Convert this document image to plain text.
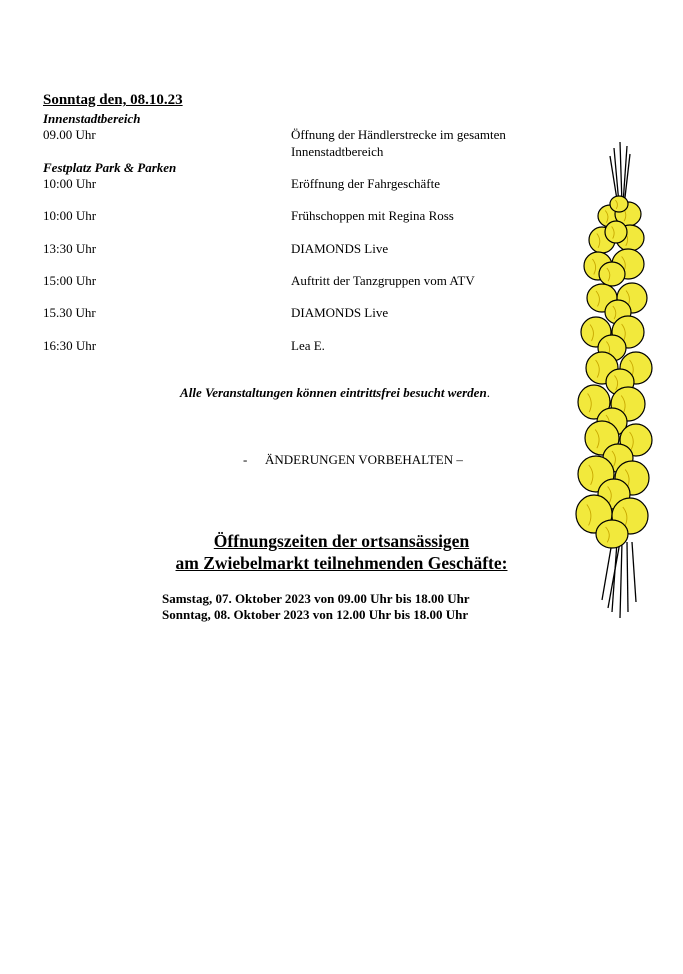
Sonntag den, 08.10.23
Innenstadtbereich
09.00 Uhr	Öffnung der Händlerstrecke im gesamten
Innenstadtbereich
Festplatz Park & Parken
10:00 Uhr	Eröffnung der Fahrgeschäfte
10:00 Uhr	Frühschoppen mit Regina Ross
13:30 Uhr	DIAMONDS Live
15:00 Uhr	Auftritt der Tanzgruppen vom ATV
15.30 Uhr	DIAMONDS Live
16:30 Uhr	Lea E.
Alle Veranstaltungen können eintrittsfrei besucht werden.
- ÄNDERUNGEN VORBEHALTEN –
Öffnungszeiten der ortsansässigen
am Zwiebelmarkt teilnehmenden Geschäfte:
Samstag, 07. Oktober 2023 von 09.00 Uhr bis 18.00 Uhr
Sonntag, 08. Oktober 2023 von 12.00 Uhr bis 18.00 Uhr
